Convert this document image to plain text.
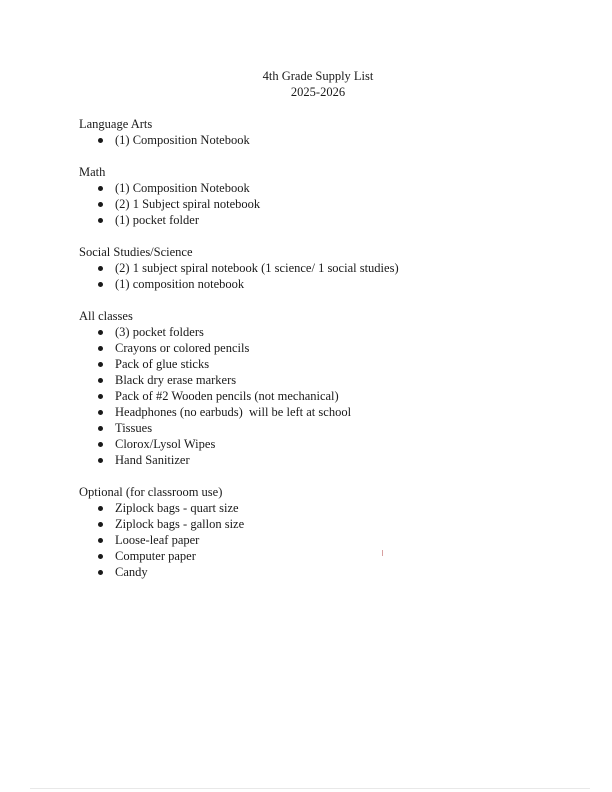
4th Grade Supply List
2025-2026
Language Arts
(1) Composition Notebook
Math
(1) Composition Notebook
(2) 1 Subject spiral notebook
(1) pocket folder
Social Studies/Science
(2) 1 subject spiral notebook (1 science/ 1 social studies)
(1) composition notebook
All classes
(3) pocket folders
Crayons or colored pencils
Pack of glue sticks
Black dry erase markers
Pack of #2 Wooden pencils (not mechanical)
Headphones (no earbuds)  will be left at school
Tissues
Clorox/Lysol Wipes
Hand Sanitizer
Optional (for classroom use)
Ziplock bags - quart size
Ziplock bags - gallon size
Loose-leaf paper
Computer paper
Candy
